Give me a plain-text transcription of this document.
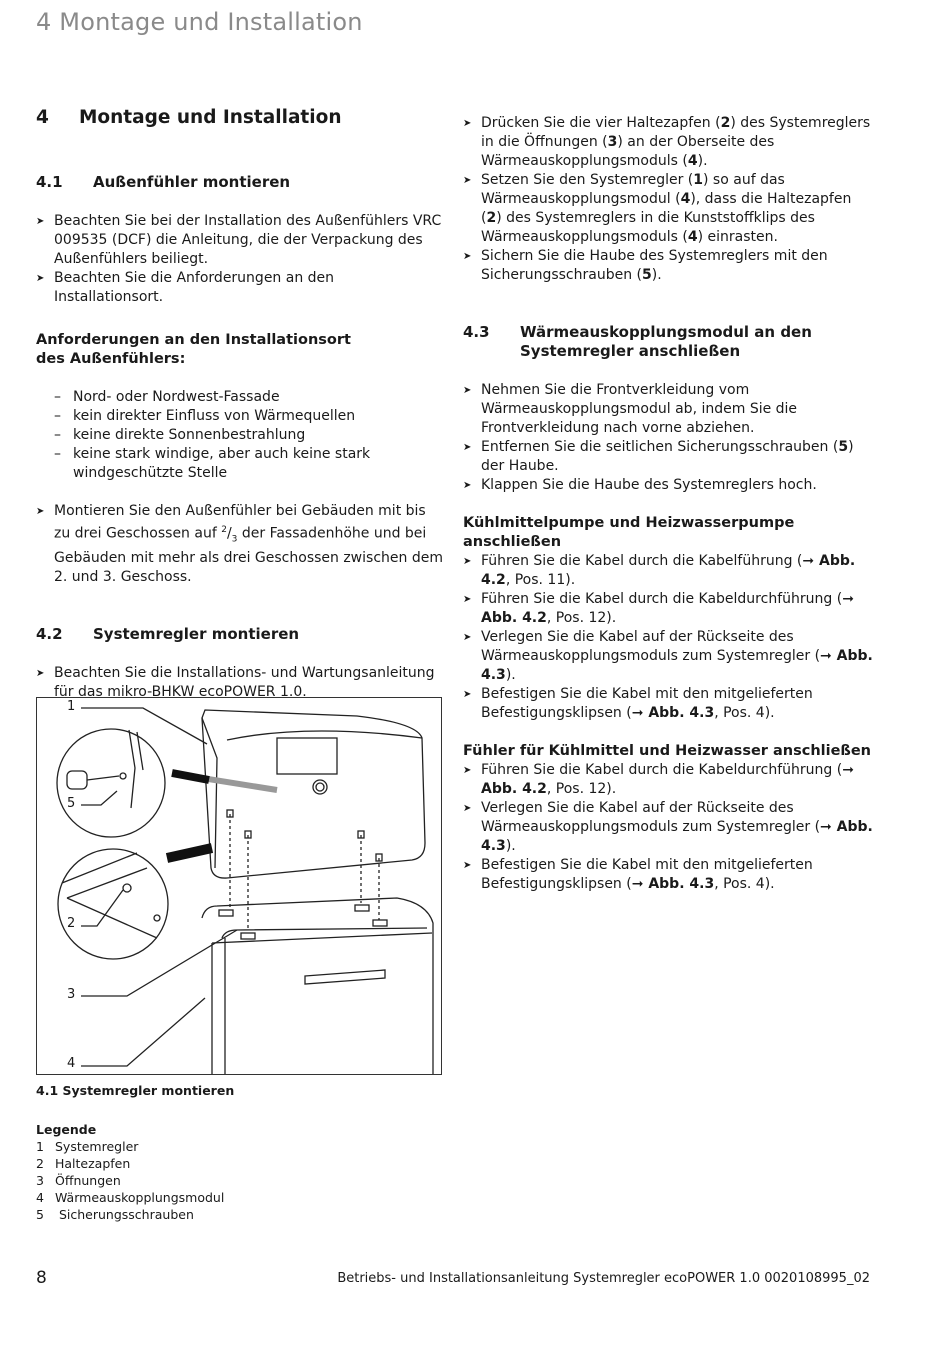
4 Montage und Installation
4	Montage und Installation
4.1	Außenfühler montieren
➤ Beachten Sie bei der Installation des Außenfühlers VRC 009535 (DCF) die Anleitung, die der Verpackung des Außenfühlers beiliegt.
➤ Beachten Sie die Anforderungen an den Installationsort.
Anforderungen an den Installationsort des Außenfühlers:
– Nord- oder Nordwest-Fassade
– kein direkter Einfluss von Wärmequellen
– keine direkte Sonnenbestrahlung
– keine stark windige, aber auch keine stark windgeschützte Stelle
➤ Montieren Sie den Außenfühler bei Gebäuden mit bis zu drei Geschossen auf $^2/_3$ der Fassadenhöhe und bei Gebäuden mit mehr als drei Geschossen zwischen dem 2. und 3. Geschoss.
4.2	Systemregler montieren
➤ Beachten Sie die Installations- und Wartungsanleitung für das mikro-BHKW ecoPOWER 1.0.
1
5
2
3
4
4.1 Systemregler montieren
Legende
1 Systemregler
2 Haltezapfen
3 Öffnungen
4 Wärmeauskopplungsmodul
5 Sicherungsschrauben
➤ Drücken Sie die vier Haltezapfen (2) des Systemreglers in die Öffnungen (3) an der Oberseite des Wärmeauskopplungsmoduls (4).
➤ Setzen Sie den Systemregler (1) so auf das Wärmeauskopplungsmodul (4), dass die Haltezapfen (2) des Systemreglers in die Kunststoffklips des Wärmeauskopplungsmoduls (4) einrasten.
➤ Sichern Sie die Haube des Systemreglers mit den Sicherungsschrauben (5).
4.3	Wärmeauskopplungsmodul an den Systemregler anschließen
➤ Nehmen Sie die Frontverkleidung vom Wärmeauskopplungsmodul ab, indem Sie die Frontverkleidung nach vorne abziehen.
➤ Entfernen Sie die seitlichen Sicherungsschrauben (5) der Haube.
➤ Klappen Sie die Haube des Systemreglers hoch.
Kühlmittelpumpe und Heizwasserpumpe anschließen
➤ Führen Sie die Kabel durch die Kabelführung (➞ Abb. 4.2, Pos. 11).
➤ Führen Sie die Kabel durch die Kabeldurchführung (➞ Abb. 4.2, Pos. 12).
➤ Verlegen Sie die Kabel auf der Rückseite des Wärmeauskopplungsmoduls zum Systemregler (➞ Abb. 4.3).
➤ Befestigen Sie die Kabel mit den mitgelieferten Befestigungsklipsen (➞ Abb. 4.3, Pos. 4).
Fühler für Kühlmittel und Heizwasser anschließen
➤ Führen Sie die Kabel durch die Kabeldurchführung (➞ Abb. 4.2, Pos. 12).
➤ Verlegen Sie die Kabel auf der Rückseite des Wärmeauskopplungsmoduls zum Systemregler (➞ Abb. 4.3).
➤ Befestigen Sie die Kabel mit den mitgelieferten Befestigungsklipsen (➞ Abb. 4.3, Pos. 4).
8	Betriebs- und Installationsanleitung Systemregler ecoPOWER 1.0 0020108995_02
